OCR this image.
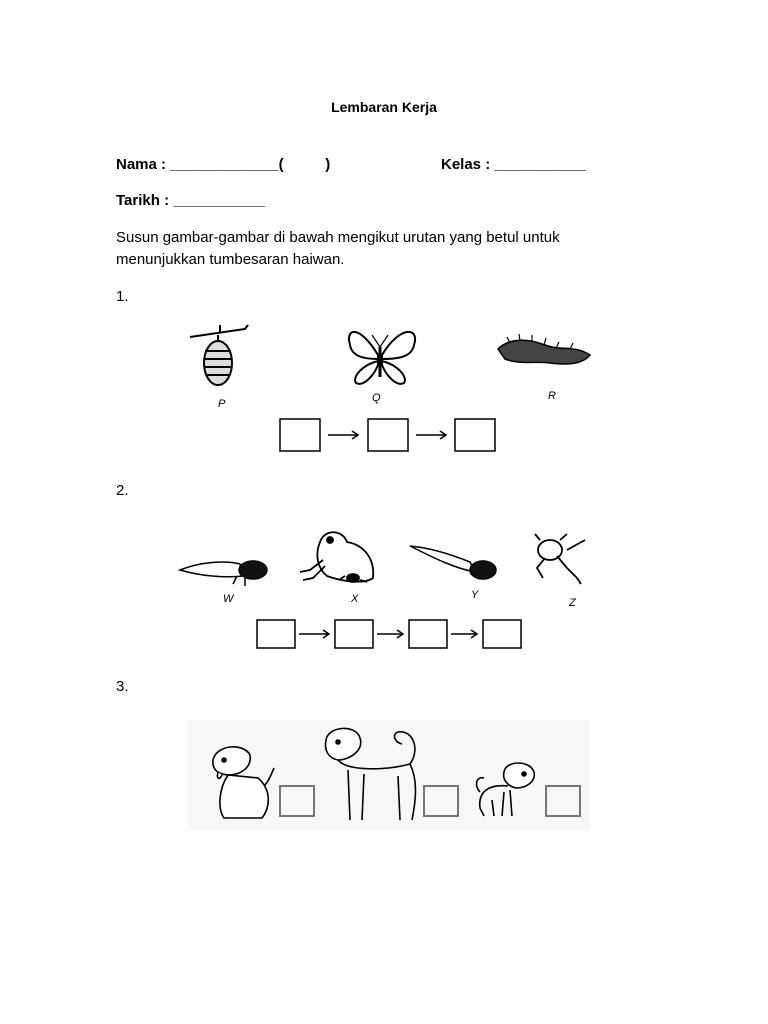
Lembaran Kerja
Nama : _____________(          )	Kelas : ___________
Tarikh : ___________
Susun gambar-gambar di bawah mengikut urutan yang betul untuk
menunjukkan tumbesaran haiwan.
1.
P	Q	R
2.
W	X	Y
Z
3.
